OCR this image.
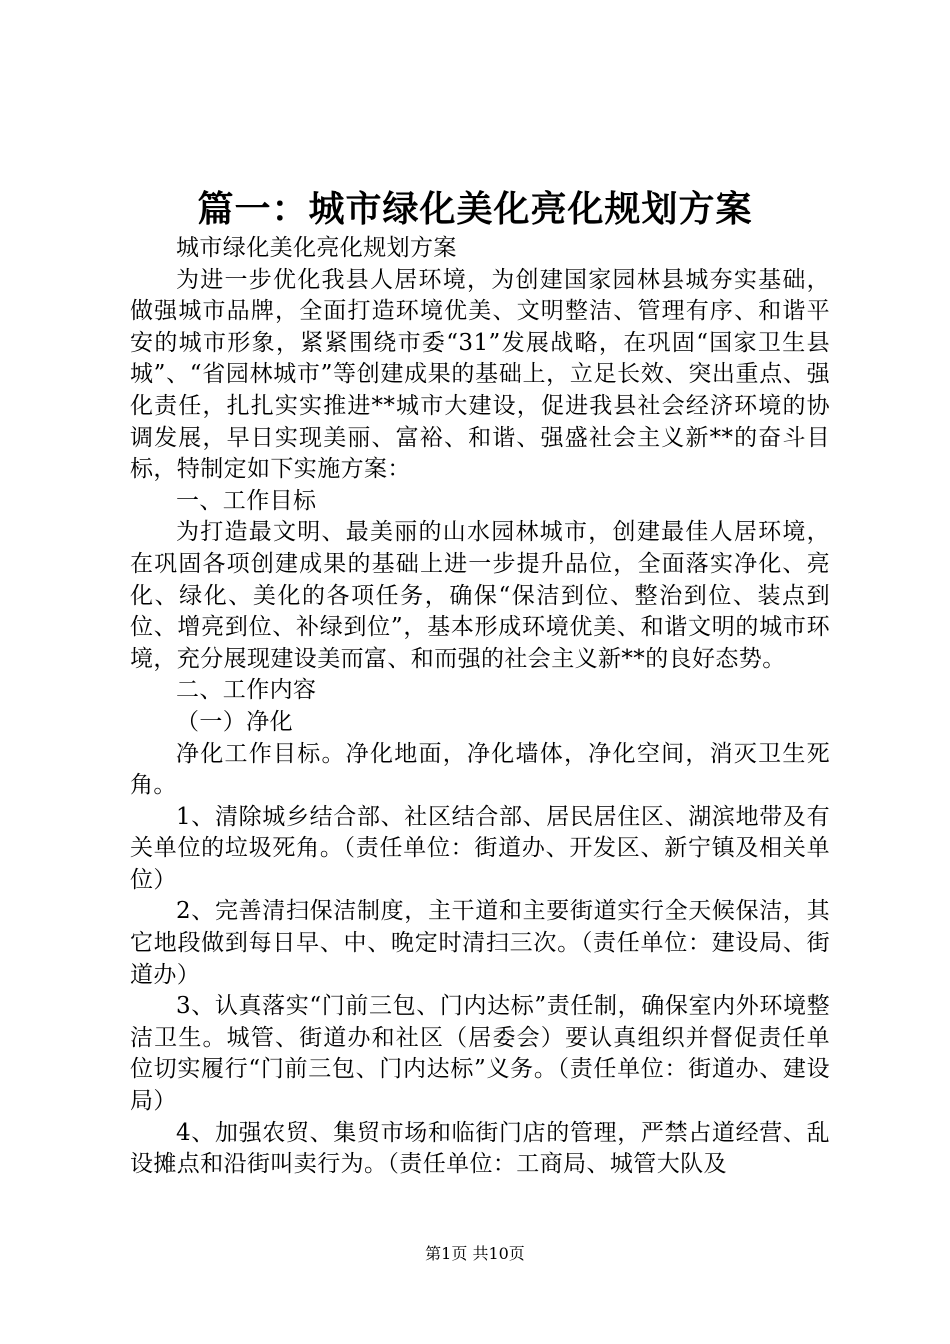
篇一：城市绿化美化亮化规划方案

城市绿化美化亮化规划方案

为进一步优化我县人居环境，为创建国家园林县城夯实基础，做强城市品牌，全面打造环境优美、文明整洁、管理有序、和谐平安的城市形象，紧紧围绕市委“31”发展战略，在巩固“国家卫生县城”、“省园林城市”等创建成果的基础上，立足长效、突出重点、强化责任，扎扎实实推进**城市大建设，促进我县社会经济环境的协调发展，早日实现美丽、富裕、和谐、强盛社会主义新**的奋斗目标，特制定如下实施方案：

一、工作目标

为打造最文明、最美丽的山水园林城市，创建最佳人居环境，在巩固各项创建成果的基础上进一步提升品位，全面落实净化、亮化、绿化、美化的各项任务，确保“保洁到位、整治到位、装点到位、增亮到位、补绿到位”，基本形成环境优美、和谐文明的城市环境，充分展现建设美而富、和而强的社会主义新**的良好态势。

二、工作内容

（一）净化

净化工作目标。净化地面，净化墙体，净化空间，消灭卫生死角。

1、清除城乡结合部、社区结合部、居民居住区、湖滨地带及有关单位的垃圾死角。（责任单位：街道办、开发区、新宁镇及相关单位）

2、完善清扫保洁制度，主干道和主要街道实行全天候保洁，其它地段做到每日早、中、晚定时清扫三次。（责任单位：建设局、街道办）

3、认真落实“门前三包、门内达标”责任制，确保室内外环境整洁卫生。城管、街道办和社区（居委会）要认真组织并督促责任单位切实履行“门前三包、门内达标”义务。（责任单位：街道办、建设局）

4、加强农贸、集贸市场和临街门店的管理，严禁占道经营、乱设摊点和沿街叫卖行为。（责任单位：工商局、城管大队及

第1页 共10页
